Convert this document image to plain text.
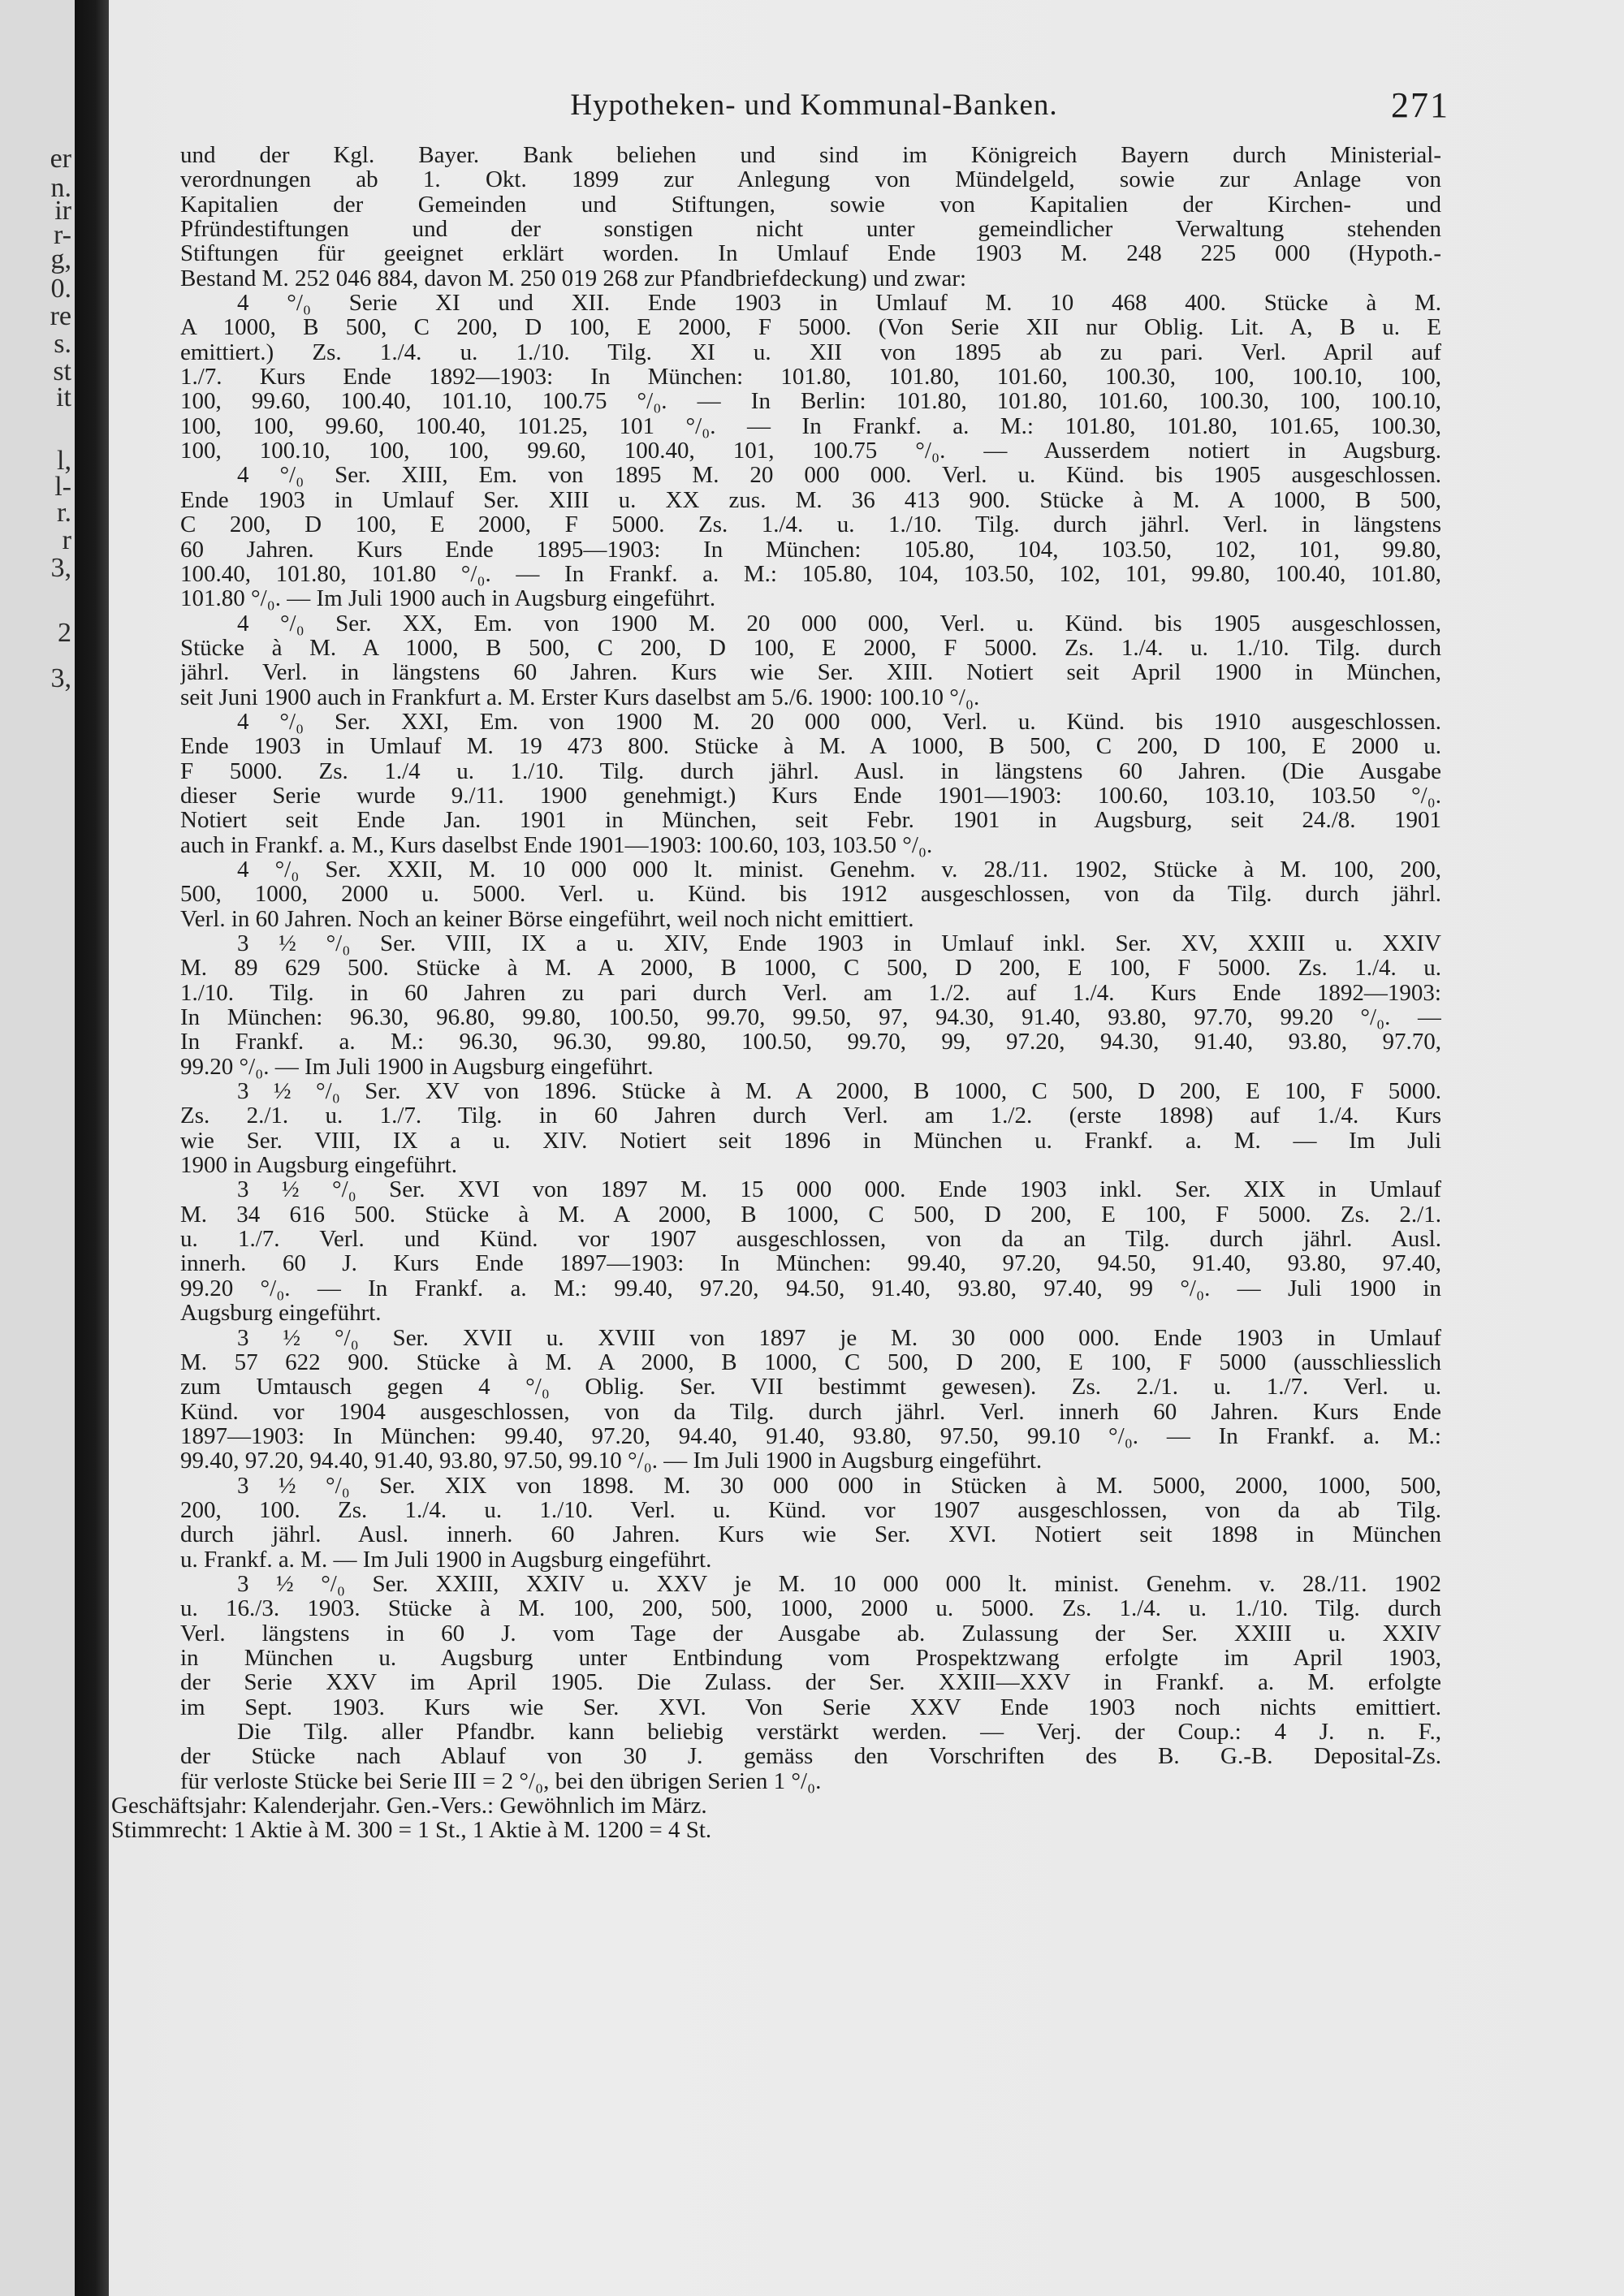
er
n.
ir
r-
g,
0.
re
s.
st
it
l,
l-
r.
r
3,
2
3,
Hypotheken- und Kommunal-Banken.	271
und der Kgl. Bayer. Bank beliehen und sind im Königreich Bayern durch Ministerial-
verordnungen ab 1. Okt. 1899 zur Anlegung von Mündelgeld, sowie zur Anlage von
Kapitalien der Gemeinden und Stiftungen, sowie von Kapitalien der Kirchen- und
Pfründestiftungen und der sonstigen nicht unter gemeindlicher Verwaltung stehenden
Stiftungen für geeignet erklärt worden. In Umlauf Ende 1903 M. 248 225 000 (Hypoth.-
Bestand M. 252 046 884, davon M. 250 019 268 zur Pfandbriefdeckung) und zwar:
4 °/₀ Serie XI und XII. Ende 1903 in Umlauf M. 10 468 400. Stücke à M.
A 1000, B 500, C 200, D 100, E 2000, F 5000. (Von Serie XII nur Oblig. Lit. A, B u. E
emittiert.) Zs. 1./4. u. 1./10. Tilg. XI u. XII von 1895 ab zu pari. Verl. April auf
1./7. Kurs Ende 1892—1903: In München: 101.80, 101.80, 101.60, 100.30, 100, 100.10, 100,
100, 99.60, 100.40, 101.10, 100.75 °/₀. — In Berlin: 101.80, 101.80, 101.60, 100.30, 100, 100.10,
100, 100, 99.60, 100.40, 101.25, 101 °/₀. — In Frankf. a. M.: 101.80, 101.80, 101.65, 100.30,
100, 100.10, 100, 100, 99.60, 100.40, 101, 100.75 °/₀. — Ausserdem notiert in Augsburg.
4 °/₀ Ser. XIII, Em. von 1895 M. 20 000 000. Verl. u. Künd. bis 1905 ausgeschlossen.
Ende 1903 in Umlauf Ser. XIII u. XX zus. M. 36 413 900. Stücke à M. A 1000, B 500,
C 200, D 100, E 2000, F 5000. Zs. 1./4. u. 1./10. Tilg. durch jährl. Verl. in längstens
60 Jahren. Kurs Ende 1895—1903: In München: 105.80, 104, 103.50, 102, 101, 99.80,
100.40, 101.80, 101.80 °/₀. — In Frankf. a. M.: 105.80, 104, 103.50, 102, 101, 99.80, 100.40, 101.80,
101.80 °/₀. — Im Juli 1900 auch in Augsburg eingeführt.
4 °/₀ Ser. XX, Em. von 1900 M. 20 000 000, Verl. u. Künd. bis 1905 ausgeschlossen,
Stücke à M. A 1000, B 500, C 200, D 100, E 2000, F 5000. Zs. 1./4. u. 1./10. Tilg. durch
jährl. Verl. in längstens 60 Jahren. Kurs wie Ser. XIII. Notiert seit April 1900 in München,
seit Juni 1900 auch in Frankfurt a. M. Erster Kurs daselbst am 5./6. 1900: 100.10 °/₀.
4 °/₀ Ser. XXI, Em. von 1900 M. 20 000 000, Verl. u. Künd. bis 1910 ausgeschlossen.
Ende 1903 in Umlauf M. 19 473 800. Stücke à M. A 1000, B 500, C 200, D 100, E 2000 u.
F 5000. Zs. 1./4 u. 1./10. Tilg. durch jährl. Ausl. in längstens 60 Jahren. (Die Ausgabe
dieser Serie wurde 9./11. 1900 genehmigt.) Kurs Ende 1901—1903: 100.60, 103.10, 103.50 °/₀.
Notiert seit Ende Jan. 1901 in München, seit Febr. 1901 in Augsburg, seit 24./8. 1901
auch in Frankf. a. M., Kurs daselbst Ende 1901—1903: 100.60, 103, 103.50 °/₀.
4 °/₀ Ser. XXII, M. 10 000 000 lt. minist. Genehm. v. 28./11. 1902, Stücke à M. 100, 200,
500, 1000, 2000 u. 5000. Verl. u. Künd. bis 1912 ausgeschlossen, von da Tilg. durch jährl.
Verl. in 60 Jahren. Noch an keiner Börse eingeführt, weil noch nicht emittiert.
3 ½ °/₀ Ser. VIII, IX a u. XIV, Ende 1903 in Umlauf inkl. Ser. XV, XXIII u. XXIV
M. 89 629 500. Stücke à M. A 2000, B 1000, C 500, D 200, E 100, F 5000. Zs. 1./4. u.
1./10. Tilg. in 60 Jahren zu pari durch Verl. am 1./2. auf 1./4. Kurs Ende 1892—1903:
In München: 96.30, 96.80, 99.80, 100.50, 99.70, 99.50, 97, 94.30, 91.40, 93.80, 97.70, 99.20 °/₀. —
In Frankf. a. M.: 96.30, 96.30, 99.80, 100.50, 99.70, 99, 97.20, 94.30, 91.40, 93.80, 97.70,
99.20 °/₀. — Im Juli 1900 in Augsburg eingeführt.
3 ½ °/₀ Ser. XV von 1896. Stücke à M. A 2000, B 1000, C 500, D 200, E 100, F 5000.
Zs. 2./1. u. 1./7. Tilg. in 60 Jahren durch Verl. am 1./2. (erste 1898) auf 1./4. Kurs
wie Ser. VIII, IX a u. XIV. Notiert seit 1896 in München u. Frankf. a. M. — Im Juli
1900 in Augsburg eingeführt.
3 ½ °/₀ Ser. XVI von 1897 M. 15 000 000. Ende 1903 inkl. Ser. XIX in Umlauf
M. 34 616 500. Stücke à M. A 2000, B 1000, C 500, D 200, E 100, F 5000. Zs. 2./1.
u. 1./7. Verl. und Künd. vor 1907 ausgeschlossen, von da an Tilg. durch jährl. Ausl.
innerh. 60 J. Kurs Ende 1897—1903: In München: 99.40, 97.20, 94.50, 91.40, 93.80, 97.40,
99.20 °/₀. — In Frankf. a. M.: 99.40, 97.20, 94.50, 91.40, 93.80, 97.40, 99 °/₀. — Juli 1900 in
Augsburg eingeführt.
3 ½ °/₀ Ser. XVII u. XVIII von 1897 je M. 30 000 000. Ende 1903 in Umlauf
M. 57 622 900. Stücke à M. A 2000, B 1000, C 500, D 200, E 100, F 5000 (ausschliesslich
zum Umtausch gegen 4 °/₀ Oblig. Ser. VII bestimmt gewesen). Zs. 2./1. u. 1./7. Verl. u.
Künd. vor 1904 ausgeschlossen, von da Tilg. durch jährl. Verl. innerh 60 Jahren. Kurs Ende
1897—1903: In München: 99.40, 97.20, 94.40, 91.40, 93.80, 97.50, 99.10 °/₀. — In Frankf. a. M.:
99.40, 97.20, 94.40, 91.40, 93.80, 97.50, 99.10 °/₀. — Im Juli 1900 in Augsburg eingeführt.
3 ½ °/₀ Ser. XIX von 1898. M. 30 000 000 in Stücken à M. 5000, 2000, 1000, 500,
200, 100. Zs. 1./4. u. 1./10. Verl. u. Künd. vor 1907 ausgeschlossen, von da ab Tilg.
durch jährl. Ausl. innerh. 60 Jahren. Kurs wie Ser. XVI. Notiert seit 1898 in München
u. Frankf. a. M. — Im Juli 1900 in Augsburg eingeführt.
3 ½ °/₀ Ser. XXIII, XXIV u. XXV je M. 10 000 000 lt. minist. Genehm. v. 28./11. 1902
u. 16./3. 1903. Stücke à M. 100, 200, 500, 1000, 2000 u. 5000. Zs. 1./4. u. 1./10. Tilg. durch
Verl. längstens in 60 J. vom Tage der Ausgabe ab. Zulassung der Ser. XXIII u. XXIV
in München u. Augsburg unter Entbindung vom Prospektzwang erfolgte im April 1903,
der Serie XXV im April 1905. Die Zulass. der Ser. XXIII—XXV in Frankf. a. M. erfolgte
im Sept. 1903. Kurs wie Ser. XVI. Von Serie XXV Ende 1903 noch nichts emittiert.
Die Tilg. aller Pfandbr. kann beliebig verstärkt werden. — Verj. der Coup.: 4 J. n. F.,
der Stücke nach Ablauf von 30 J. gemäss den Vorschriften des B. G.-B. Deposital-Zs.
für verloste Stücke bei Serie III = 2 °/₀, bei den übrigen Serien 1 °/₀.
Geschäftsjahr: Kalenderjahr. Gen.-Vers.: Gewöhnlich im März.
Stimmrecht: 1 Aktie à M. 300 = 1 St., 1 Aktie à M. 1200 = 4 St.
